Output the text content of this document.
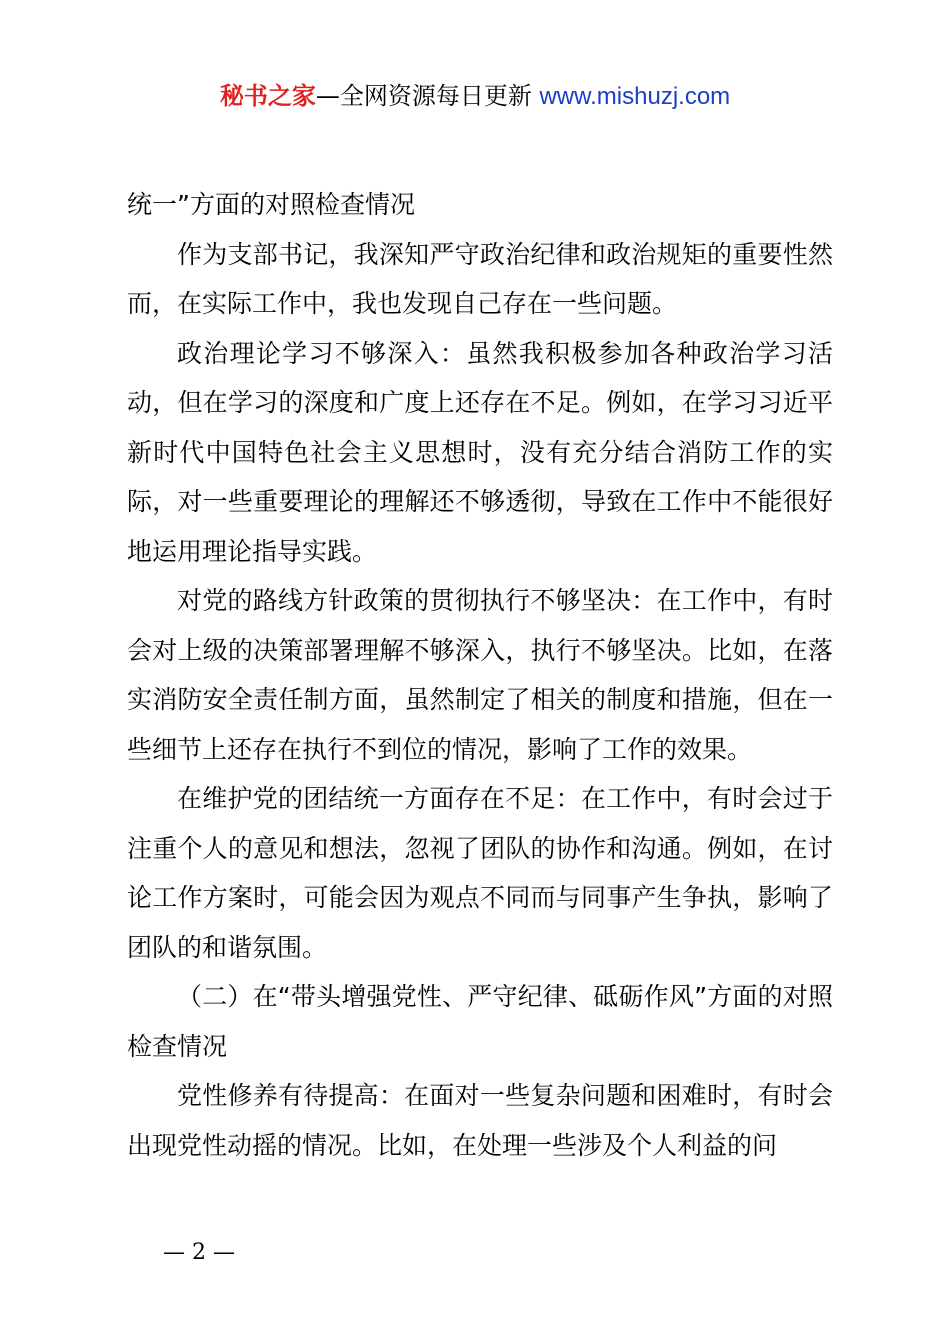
秘书之家—全网资源每日更新 www.mishuzj.com

统一”方面的对照检查情况

作为支部书记，我深知严守政治纪律和政治规矩的重要性然而，在实际工作中，我也发现自己存在一些问题。

政治理论学习不够深入：虽然我积极参加各种政治学习活动，但在学习的深度和广度上还存在不足。例如，在学习习近平新时代中国特色社会主义思想时，没有充分结合消防工作的实际，对一些重要理论的理解还不够透彻，导致在工作中不能很好地运用理论指导实践。

对党的路线方针政策的贯彻执行不够坚决：在工作中，有时会对上级的决策部署理解不够深入，执行不够坚决。比如，在落实消防安全责任制方面，虽然制定了相关的制度和措施，但在一些细节上还存在执行不到位的情况，影响了工作的效果。

在维护党的团结统一方面存在不足：在工作中，有时会过于注重个人的意见和想法，忽视了团队的协作和沟通。例如，在讨论工作方案时，可能会因为观点不同而与同事产生争执，影响了团队的和谐氛围。

（二）在“带头增强党性、严守纪律、砥砺作风”方面的对照检查情况

党性修养有待提高：在面对一些复杂问题和困难时，有时会出现党性动摇的情况。比如，在处理一些涉及个人利益的问

— 2 —
